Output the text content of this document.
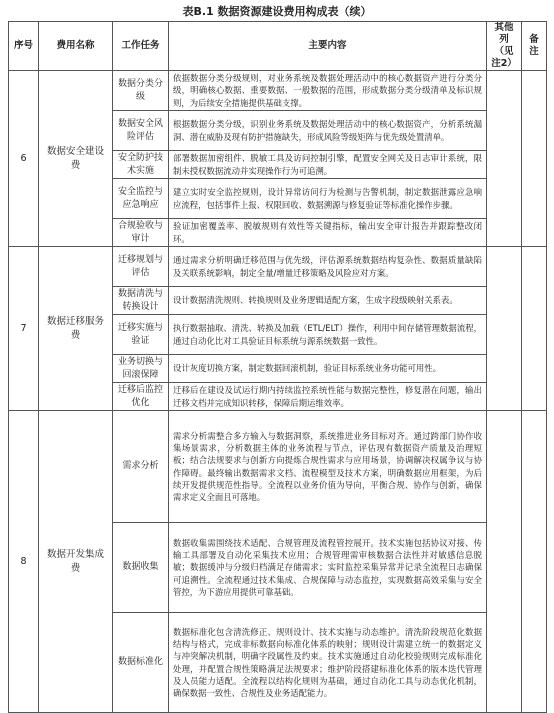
表B.1 数据资源建设费用构成表（续）
序号	费用名称	工作任务	主要内容	其他列（见注2）	备注
6	数据安全建设费	数据分类分级	依据数据分类分级规则，对业务系统及数据处理活动中的核心数据资产进行分类分级，明确核心数据、重要数据、一般数据的范围，形成数据分类分级清单及标识规则，为后续安全措施提供基础支撑。		
		数据安全风险评估	根据数据分类分级，识别业务系统及数据处理活动中的核心数据资产，分析系统漏洞、潜在威胁及现有防护措施缺失，形成风险等级矩阵与优先级处置清单。		
		安全防护技术实施	部署数据加密组件、脱敏工具及访问控制引擎，配置安全网关及日志审计系统，限制未授权数据流动并实现操作行为可追溯。		
		安全监控与应急响应	建立实时安全监控规则，设计异常访问行为检测与告警机制，制定数据泄露应急响应流程，包括事件上报、权限回收、数据溯源与修复验证等标准化操作步骤。		
		合规验收与审计	验证加密覆盖率、脱敏规则有效性等关键指标，输出安全审计报告并跟踪整改闭环。		
7	数据迁移服务费	迁移规划与评估	通过需求分析明确迁移范围与优先级，评估源系统数据结构复杂性、数据质量缺陷及关联系统影响，制定全量/增量迁移策略及风险应对方案。		
		数据清洗与转换设计	设计数据清洗规则、转换规则及业务逻辑适配方案，生成字段级映射关系表。		
		迁移实施与验证	执行数据抽取、清洗、转换及加载（ETL/ELT）操作，利用中间存储管理数据流程，通过自动化比对工具验证目标系统与源系统数据一致性。		
		业务切换与回滚保障	设计灰度切换方案，制定数据回滚机制，验证目标系统业务功能可用性。		
		迁移后监控优化	迁移后在建设及试运行期内持续监控系统性能与数据完整性，修复潜在问题，输出迁移文档并完成知识转移，保障后期运维效率。		
8	数据开发集成费	需求分析	需求分析需整合多方输入与数据洞察，系统推进业务目标对齐。通过跨部门协作收集场景需求，分析数据主体的业务流程与节点，评估现有数据资产质量及治理短板；结合法规要求与创新方向提炼合规性需求与应用场景，协调解决权属争议与协作障碍。最终输出数据需求文档、流程模型及技术方案，明确数据应用框架，为后续开发提供规范性指导。全流程以业务价值为导向，平衡合规、协作与创新，确保需求定义全面且可落地。		
		数据收集	数据收集需围绕技术适配、合规管理及流程管控展开。技术实施包括协议对接、传输工具部署及自动化采集技术应用；合规管理需审核数据合法性并对敏感信息脱敏；数据缓冲与分级归档满足存储需求；实时监控采集异常并记录全流程日志确保可追溯性。全流程通过技术集成、合规保障与动态监控，实现数据高效采集与安全管控，为下游应用提供可靠基础。		
		数据标准化	数据标准化包含清洗修正、规则设计、技术实施与动态维护。清洗阶段规范化数据结构与格式，完成非标数据向标准化体系的映射；规则设计需建立统一的数据定义与冲突解决机制，明确字段属性及约束。技术实施通过自动化校验规则完成标准化处理，并配置合规性策略满足法规要求；维护阶段搭建标准化体系的版本迭代管理及人员能力适配。全流程以结构化规则为基础，通过自动化工具与动态优化机制，确保数据一致性、合规性及业务适配能力。		
